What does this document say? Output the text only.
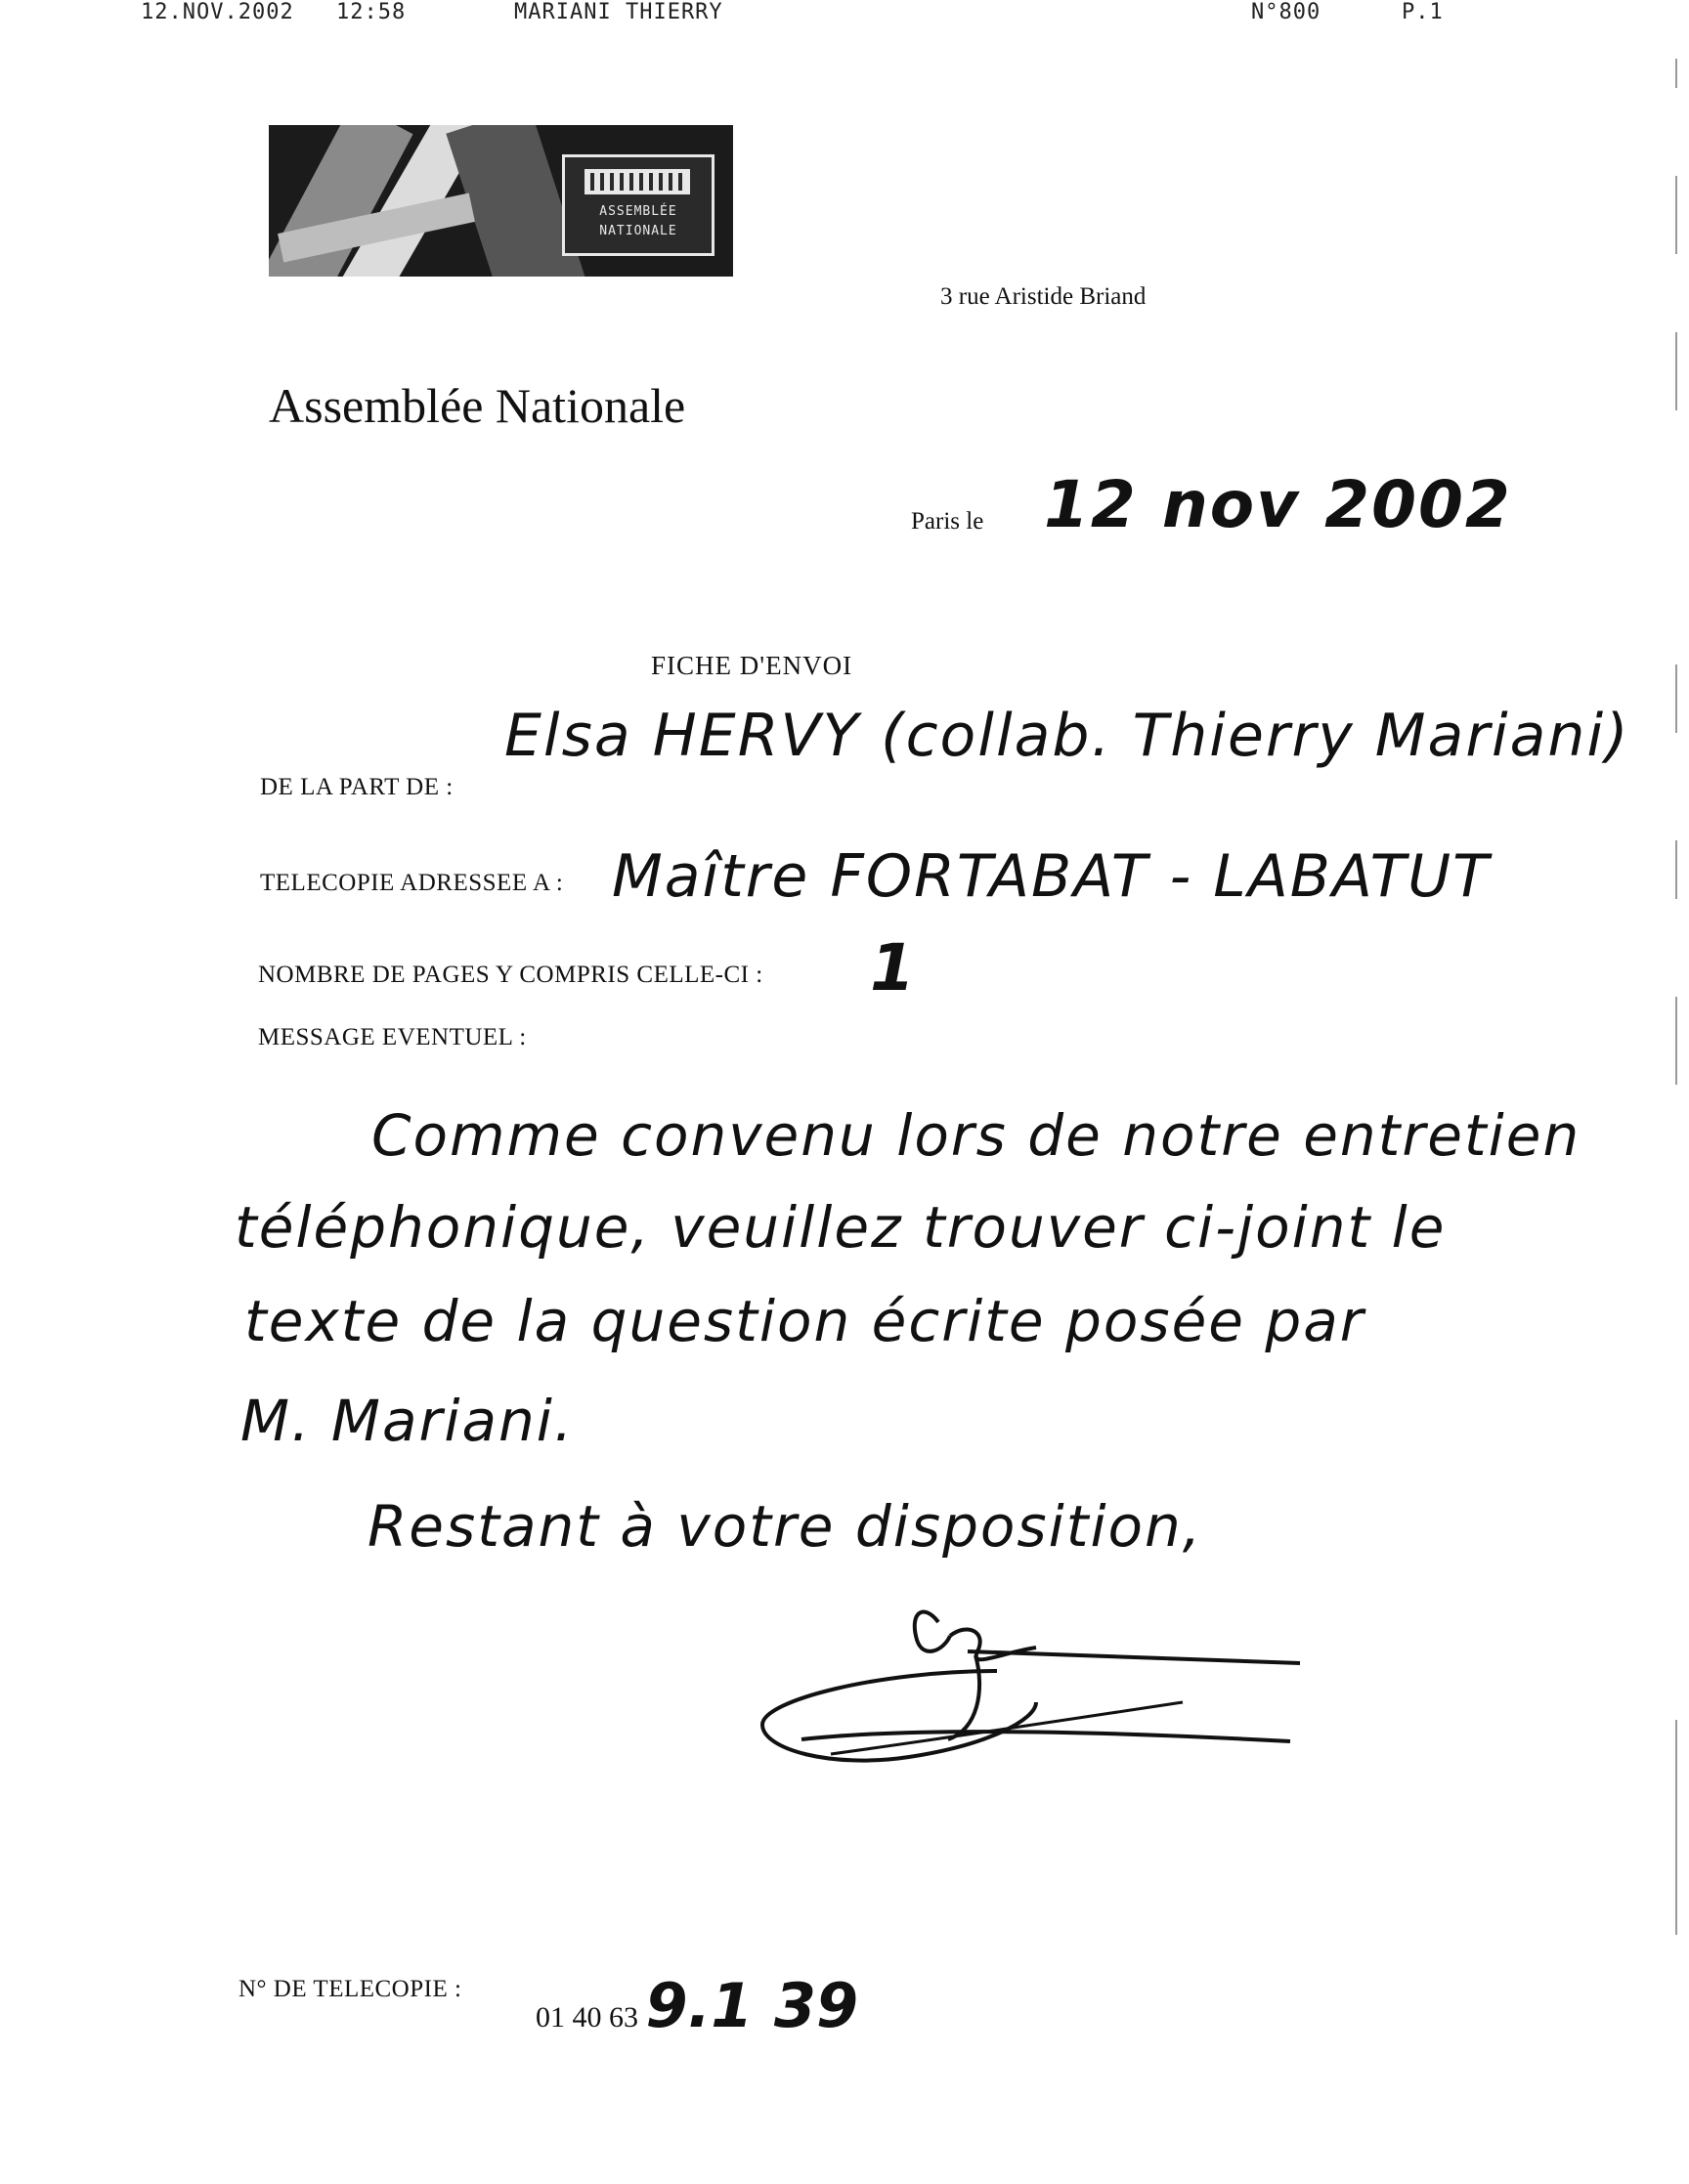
12.NOV.2002 12:58	MARIANI THIERRY	N°800	P.1
ASSEMBLÉE
NATIONALE
3 rue Aristide Briand
Assemblée Nationale
Paris le 12 nov 2002
FICHE D'ENVOI
DE LA PART DE :
Elsa HERVY (collab. Thierry Mariani)
TELECOPIE ADRESSEE A : Maître FORTABAT - LABATUT
NOMBRE DE PAGES Y COMPRIS CELLE-CI : 1
MESSAGE EVENTUEL :
Comme convenu lors de notre entretien
téléphonique, veuillez trouver ci-joint le
texte de la question écrite posée par
M. Mariani.
Restant à votre disposition,
N° DE TELECOPIE :
01 40 63 9.1 39
